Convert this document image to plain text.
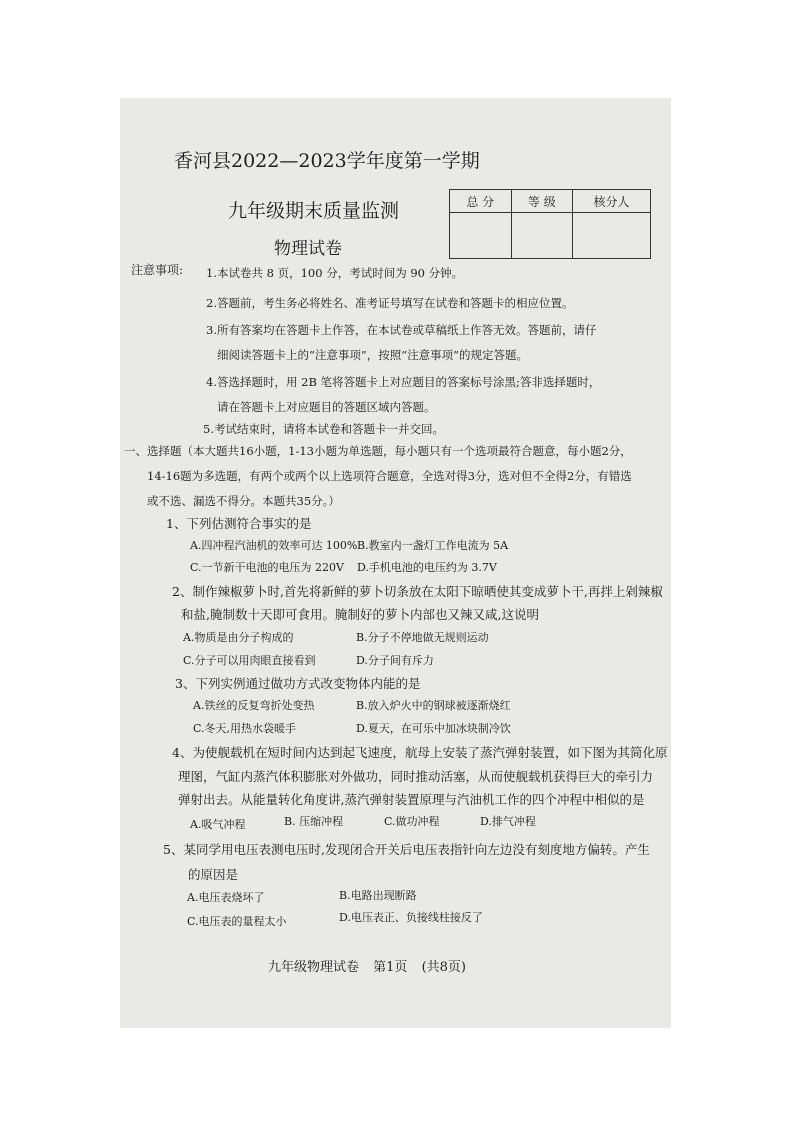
香河县2022—2023学年度第一学期
九年级期末质量监测
物理试卷
总 分	等 级	核分人

注意事项: 1.本试卷共 8 页，100 分，考试时间为 90 分钟。
2.答题前，考生务必将姓名、准考证号填写在试卷和答题卡的相应位置。
3.所有答案均在答题卡上作答，在本试卷或草稿纸上作答无效。答题前，请仔
细阅读答题卡上的“注意事项”，按照“注意事项”的规定答题。
4.答选择题时，用 2B 笔将答题卡上对应题目的答案标号涂黑;答非选择题时，
请在答题卡上对应题目的答题区域内答题。
5.考试结束时，请将本试卷和答题卡一并交回。
一、选择题（本大题共16小题，1-13小题为单选题，每小题只有一个选项最符合题意，每小题2分，
14-16题为多选题，有两个或两个以上选项符合题意，全选对得3分，选对但不全得2分，有错选
或不选、漏选不得分。本题共35分。）
1、下列估测符合事实的是
A.四冲程汽油机的效率可达 100% B.教室内一盏灯工作电流为 5A
C.一节新干电池的电压为 220V D.手机电池的电压约为 3.7V
2、制作辣椒萝卜时,首先将新鲜的萝卜切条放在太阳下晾晒使其变成萝卜干,再拌上剁辣椒
和盐,腌制数十天即可食用。腌制好的萝卜内部也又辣又咸,这说明
A.物质是由分子构成的	B.分子不停地做无规则运动
C.分子可以用肉眼直接看到	D.分子间有斥力
3、下列实例通过做功方式改变物体内能的是
A.铁丝的反复弯折处变热	B.放入炉火中的钢球被逐渐烧红
C.冬天,用热水袋暖手	D.夏天，在可乐中加冰块制冷饮
4、为使舰载机在短时间内达到起飞速度，航母上安装了蒸汽弹射装置，如下图为其简化原
理图，气缸内蒸汽体积膨胀对外做功，同时推动活塞，从而使舰载机获得巨大的牵引力
弹射出去。从能量转化角度讲,蒸汽弹射装置原理与汽油机工作的四个冲程中相似的是
A.吸气冲程	B. 压缩冲程	C.做功冲程	D.排气冲程
5、某同学用电压表测电压时,发现闭合开关后电压表指针向左边没有刻度地方偏转。产生
的原因是
A.电压表烧坏了	B.电路出现断路
C.电压表的量程太小	D.电压表正、负接线柱接反了
九年级物理试卷 第1页 (共8页)
